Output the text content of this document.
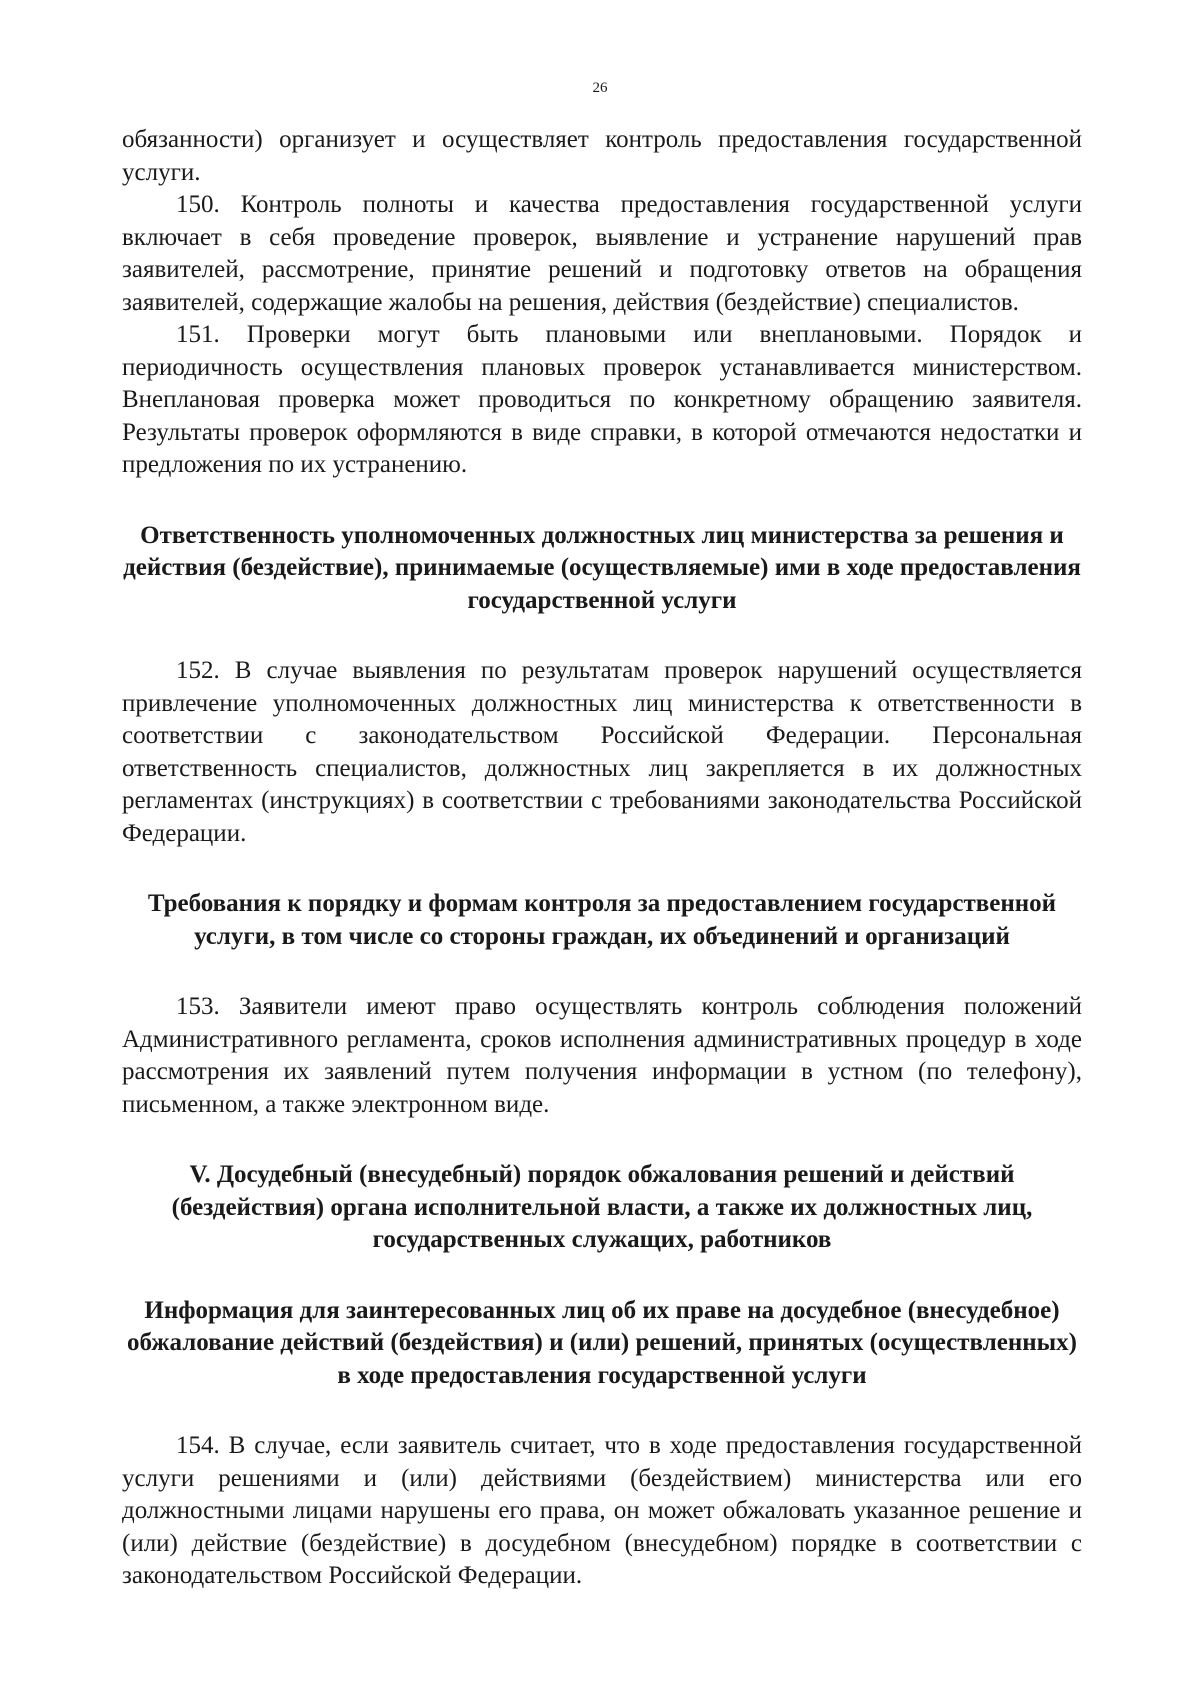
26

обязанности) организует и осуществляет контроль предоставления государственной услуги.

150. Контроль полноты и качества предоставления государственной услуги включает в себя проведение проверок, выявление и устранение нарушений прав заявителей, рассмотрение, принятие решений и подготовку ответов на обращения заявителей, содержащие жалобы на решения, действия (бездействие) специалистов.

151. Проверки могут быть плановыми или внеплановыми. Порядок и периодичность осуществления плановых проверок устанавливается министерством. Внеплановая проверка может проводиться по конкретному обращению заявителя. Результаты проверок оформляются в виде справки, в которой отмечаются недостатки и предложения по их устранению.

Ответственность уполномоченных должностных лиц министерства за решения и действия (бездействие), принимаемые (осуществляемые) ими в ходе предоставления государственной услуги

152. В случае выявления по результатам проверок нарушений осуществляется привлечение уполномоченных должностных лиц министерства к ответственности в соответствии с законодательством Российской Федерации. Персональная ответственность специалистов, должностных лиц закрепляется в их должностных регламентах (инструкциях) в соответствии с требованиями законодательства Российской Федерации.

Требования к порядку и формам контроля за предоставлением государственной услуги, в том числе со стороны граждан, их объединений и организаций

153. Заявители имеют право осуществлять контроль соблюдения положений Административного регламента, сроков исполнения административных процедур в ходе рассмотрения их заявлений путем получения информации в устном (по телефону), письменном, а также электронном виде.

V. Досудебный (внесудебный) порядок обжалования решений и действий (бездействия) органа исполнительной власти, а также их должностных лиц, государственных служащих, работников
Информация для заинтересованных лиц об их праве на досудебное (внесудебное) обжалование действий (бездействия) и (или) решений, принятых (осуществленных) в ходе предоставления государственной услуги

154. В случае, если заявитель считает, что в ходе предоставления государственной услуги решениями и (или) действиями (бездействием) министерства или его должностными лицами нарушены его права, он может обжаловать указанное решение и (или) действие (бездействие) в досудебном (внесудебном) порядке в соответствии с законодательством Российской Федерации.
